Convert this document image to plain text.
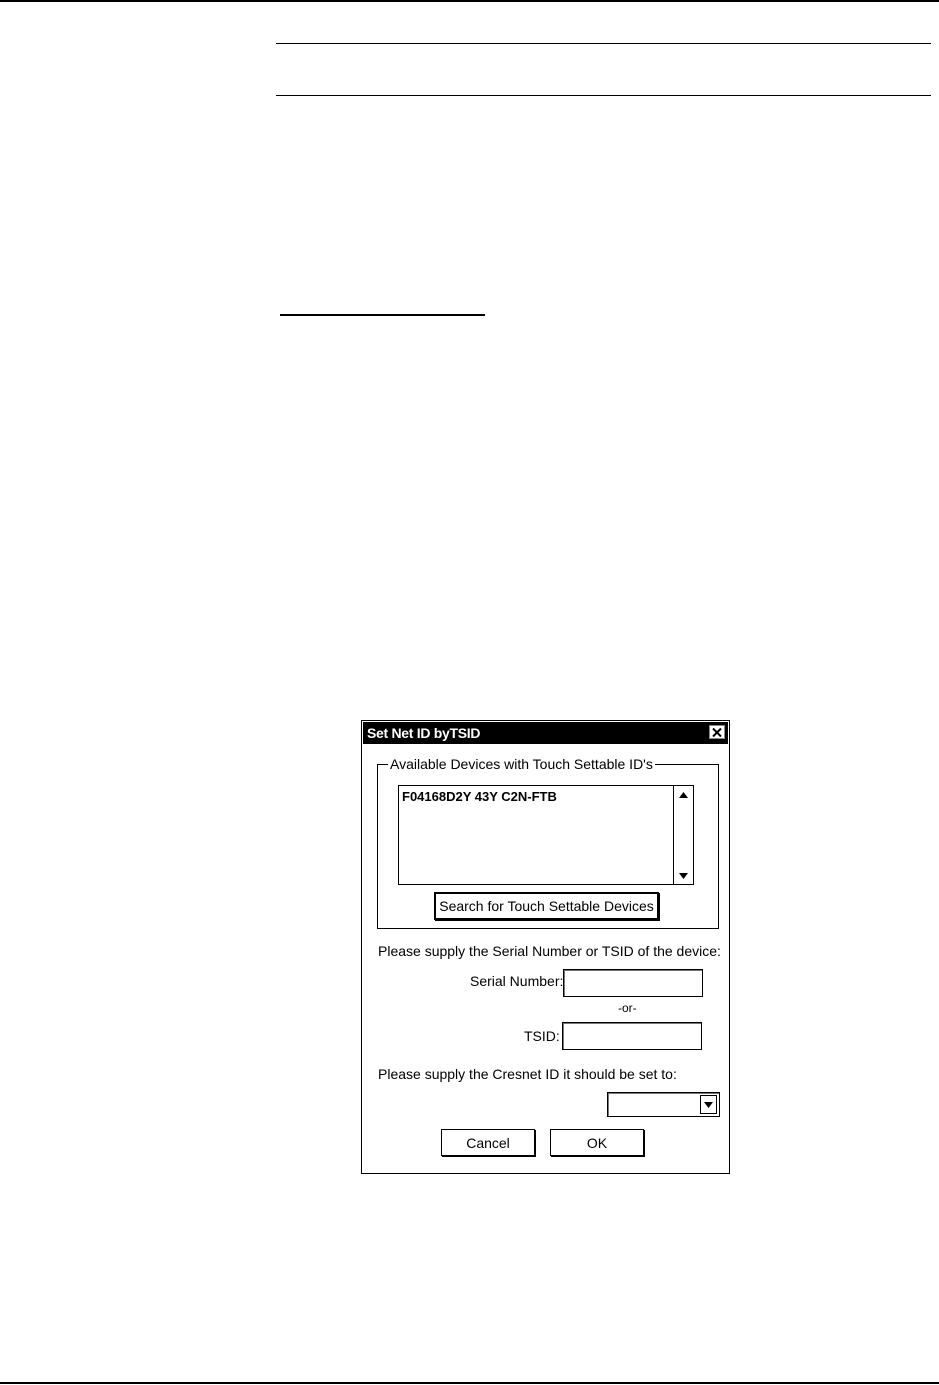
Set Net ID byTSID
Available Devices with Touch Settable ID's
F04168D2Y 43Y C2N-FTB
Search for Touch Settable Devices
Please supply the Serial Number or TSID of the device:
Serial Number:
-or-
TSID:
Please supply the Cresnet ID it should be set to:
Cancel	OK
